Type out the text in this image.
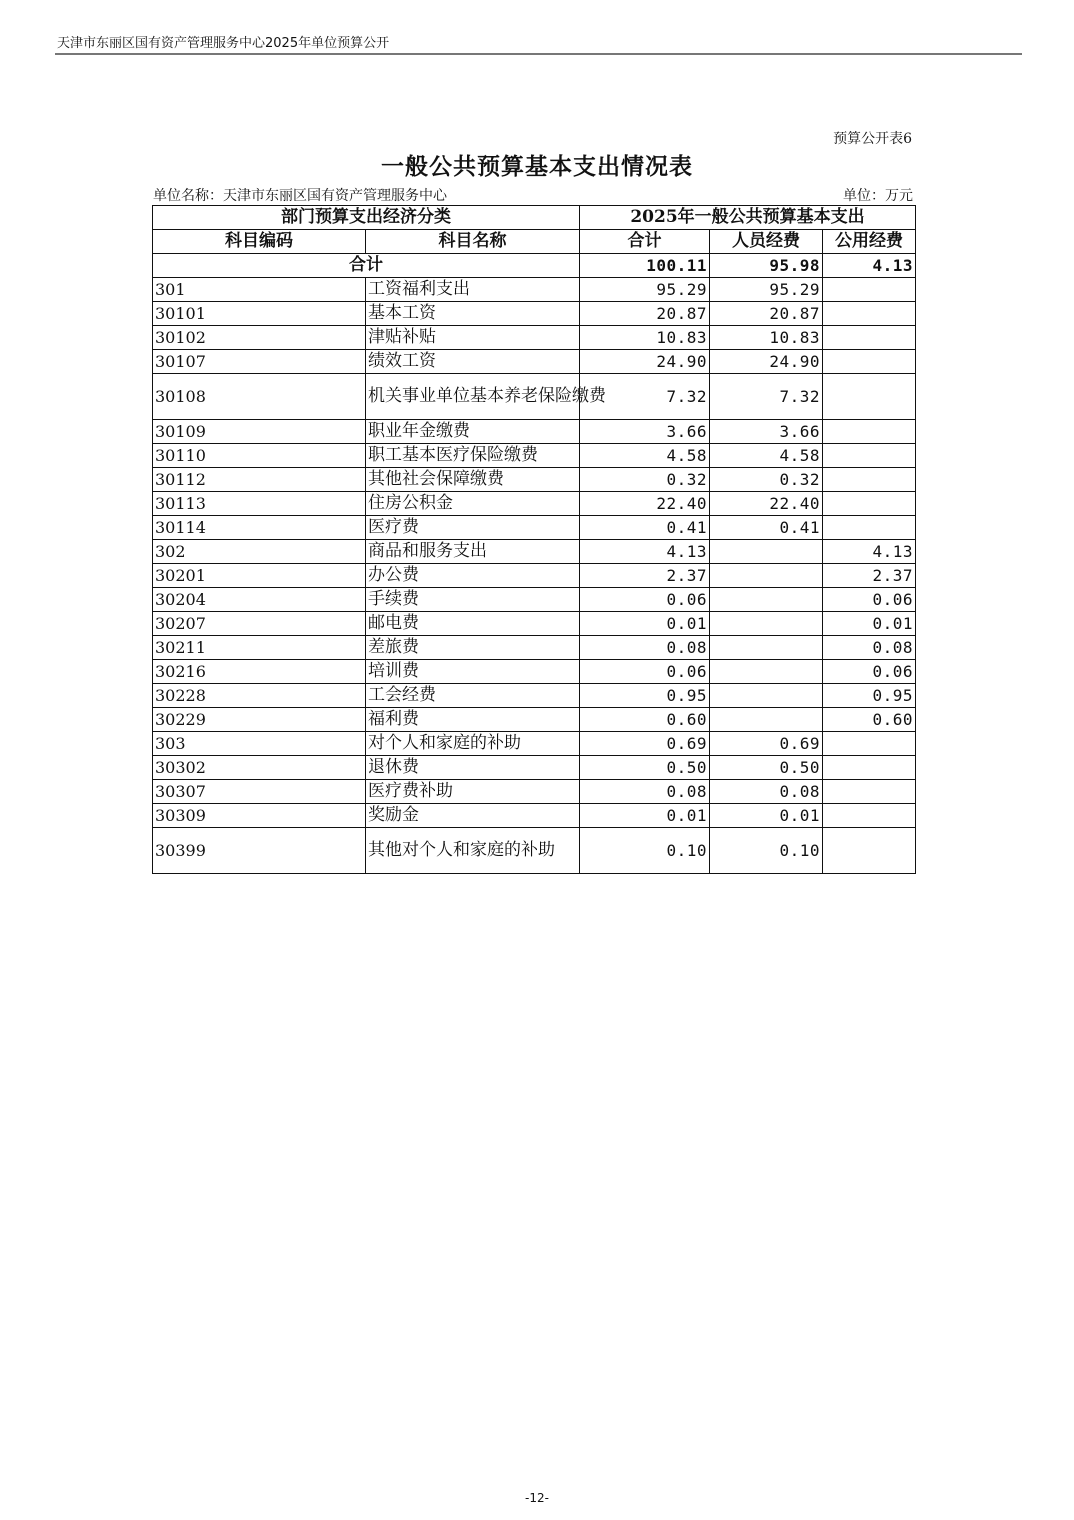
天津市东丽区国有资产管理服务中心2025年单位预算公开
预算公开表6
一般公共预算基本支出情况表
单位名称：天津市东丽区国有资产管理服务中心	单位：万元
部门预算支出经济分类		2025年一般公共预算基本支出		
科目编码	科目名称	合计	人员经费	公用经费
合计		100.11	95.98	4.13
301	工资福利支出	95.29	95.29	
30101	基本工资	20.87	20.87	
30102	津贴补贴	10.83	10.83	
30107	绩效工资	24.90	24.90	
30108	机关事业单位基本养老保险缴费	7.32	7.32	
30109	职业年金缴费	3.66	3.66	
30110	职工基本医疗保险缴费	4.58	4.58	
30112	其他社会保障缴费	0.32	0.32	
30113	住房公积金	22.40	22.40	
30114	医疗费	0.41	0.41	
302	商品和服务支出	4.13		4.13
30201	办公费	2.37		2.37
30204	手续费	0.06		0.06
30207	邮电费	0.01		0.01
30211	差旅费	0.08		0.08
30216	培训费	0.06		0.06
30228	工会经费	0.95		0.95
30229	福利费	0.60		0.60
303	对个人和家庭的补助	0.69	0.69	
30302	退休费	0.50	0.50	
30307	医疗费补助	0.08	0.08	
30309	奖励金	0.01	0.01	
30399	其他对个人和家庭的补助	0.10	0.10	
-12-
